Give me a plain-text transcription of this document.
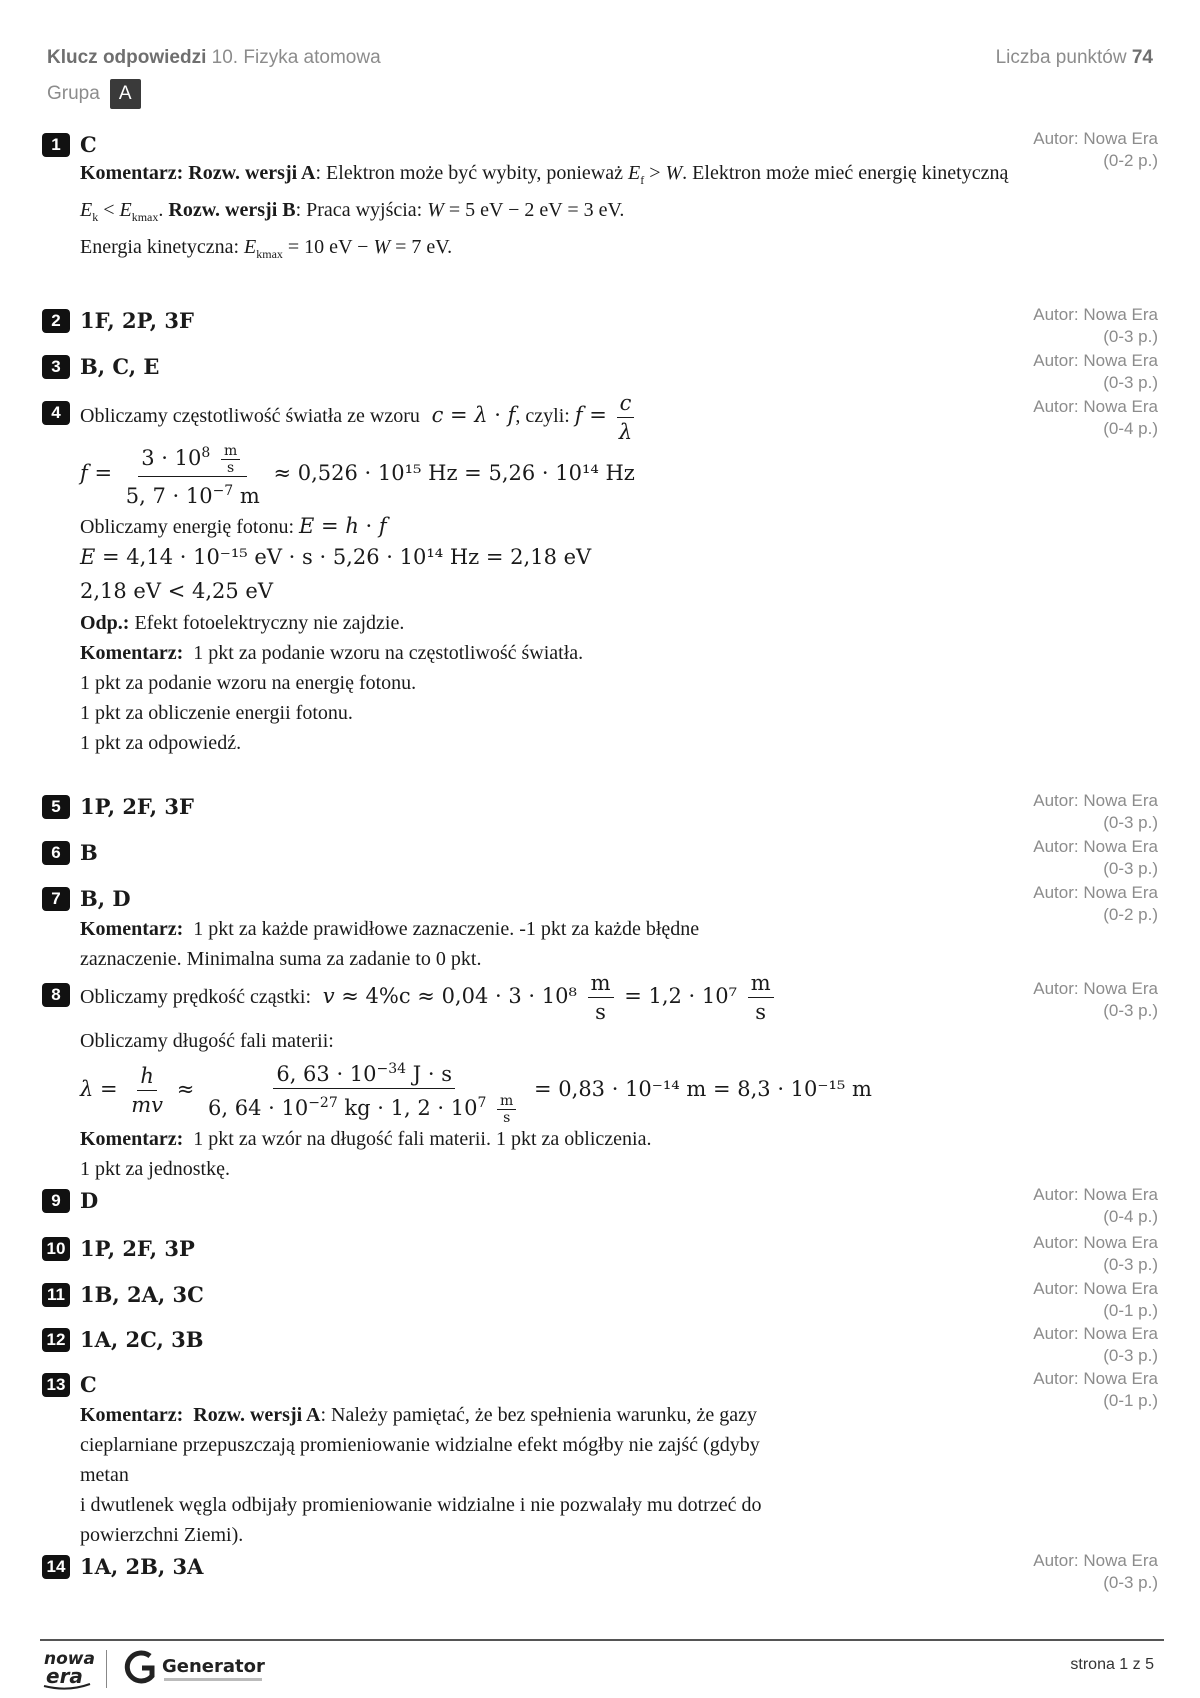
Klucz odpowiedzi 10. Fizyka atomowa	Liczba punktów 74
Grupa	A
1 C	Autor: Nowa Era
(0-2 p.)
Komentarz: Rozw. wersji A: Elektron może być wybity, ponieważ $E_f > W$. Elektron może mieć energię kinetyczną $E_k < E_{kmax}$. Rozw. wersji B: Praca wyjścia: W = 5 eV − 2 eV = 3 eV.
Energia kinetyczna: $E_{kmax} = 10$ eV − W = 7 eV.
2 1F, 2P, 3F	Autor: Nowa Era
(0-3 p.)
3 B, C, E	Autor: Nowa Era
(0-3 p.)
4	Autor: Nowa Era
(0-4 p.)
Obliczamy częstotliwość światła ze wzoru c = λ · f, czyli: $f = \frac{c}{\lambda}$
$f = \frac{3 \cdot 10^8 \frac{m}{s}}{5, 7 \cdot 10^{-7} m} \approx 0,526 \cdot 10^{15}$ Hz = 5,26 · 10¹⁴ Hz
Obliczamy energię fotonu: E = h · f
E = 4,14 · 10⁻¹⁵ eV · s · 5,26 · 10¹⁴ Hz = 2,18 eV
2,18 eV < 4,25 eV
Odp.: Efekt fotoelektryczny nie zajdzie.
Komentarz: 1 pkt za podanie wzoru na częstotliwość światła.
1 pkt za podanie wzoru na energię fotonu.
1 pkt za obliczenie energii fotonu.
1 pkt za odpowiedź.
5 1P, 2F, 3F	Autor: Nowa Era
(0-3 p.)
6 B	Autor: Nowa Era
(0-3 p.)
7 B, D	Autor: Nowa Era
(0-2 p.)
Komentarz: 1 pkt za każde prawidłowe zaznaczenie. -1 pkt za każde błędne
zaznaczenie. Minimalna suma za zadanie to 0 pkt.
8	Autor: Nowa Era
(0-3 p.)
Obliczamy prędkość cząstki: $v \approx 4\%c \approx 0,04 \cdot 3 \cdot 10^8 \frac{m}{s} = 1,2 \cdot 10^7 \frac{m}{s}$
Obliczamy długość fali materii:
$\lambda = \frac{h}{mv} \approx \frac{6, 63 \cdot 10^{-34} J \cdot s}{6, 64 \cdot 10^{-27} kg \cdot 1, 2 \cdot 10^7 \frac{m}{s}} = 0,83 \cdot 10^{-14}$ m = 8,3 · 10⁻¹⁵ m
Komentarz: 1 pkt za wzór na długość fali materii. 1 pkt za obliczenia.
1 pkt za jednostkę.
9 D	Autor: Nowa Era
(0-4 p.)
10 1P, 2F, 3P	Autor: Nowa Era
(0-3 p.)
11 1B, 2A, 3C	Autor: Nowa Era
(0-1 p.)
12 1A, 2C, 3B	Autor: Nowa Era
(0-3 p.)
13 C	Autor: Nowa Era
(0-1 p.)
Komentarz: Rozw. wersji A: Należy pamiętać, że bez spełnienia warunku, że gazy
cieplarniane przepuszczają promieniowanie widzialne efekt mógłby nie zajść (gdyby
metan
i dwutlenek węgla odbijały promieniowanie widzialne i nie pozwalały mu dotrzeć do
powierzchni Ziemi).
14 1A, 2B, 3A	Autor: Nowa Era
(0-3 p.)
nowa
era	Generator	strona 1 z 5
